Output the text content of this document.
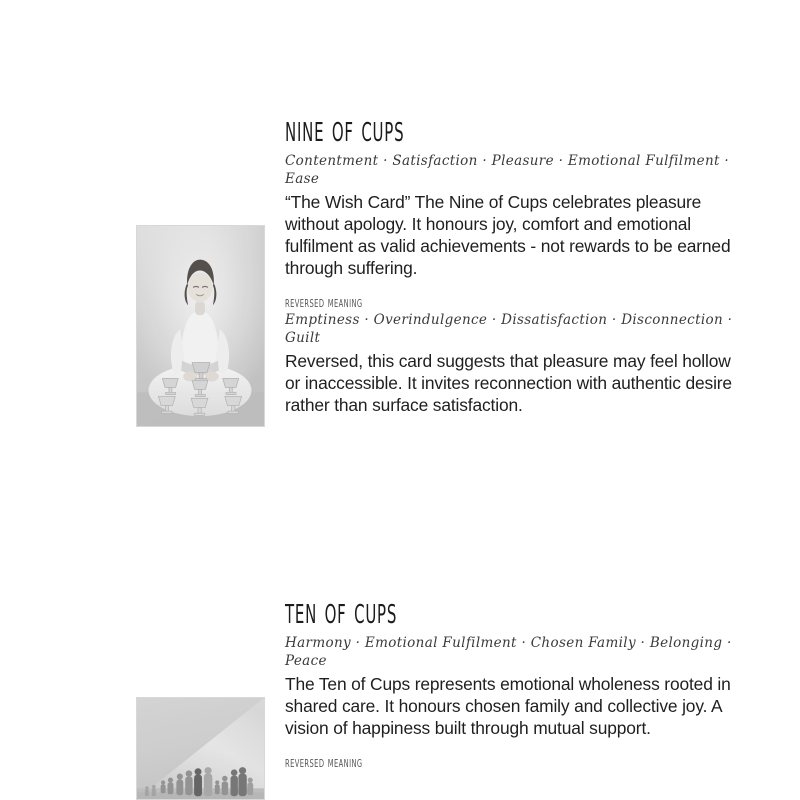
nine of cups

Contentment · Satisfaction · Pleasure · Emotional Fulfilment · Ease

“The Wish Card” The Nine of Cups celebrates pleasure without apology. It honours joy, comfort and emotional fulfilment as valid achievements - not rewards to be earned through suffering.

reversed meaning

Emptiness · Overindulgence · Dissatisfaction · Disconnection · Guilt

Reversed, this card suggests that pleasure may feel hollow or inaccessible. It invites reconnection with authentic desire rather than surface satisfaction.

ten of cups

Harmony · Emotional Fulfilment · Chosen Family · Belonging · Peace

The Ten of Cups represents emotional wholeness rooted in shared care. It honours chosen family and collective joy. A vision of happiness built through mutual support.

reversed meaning
